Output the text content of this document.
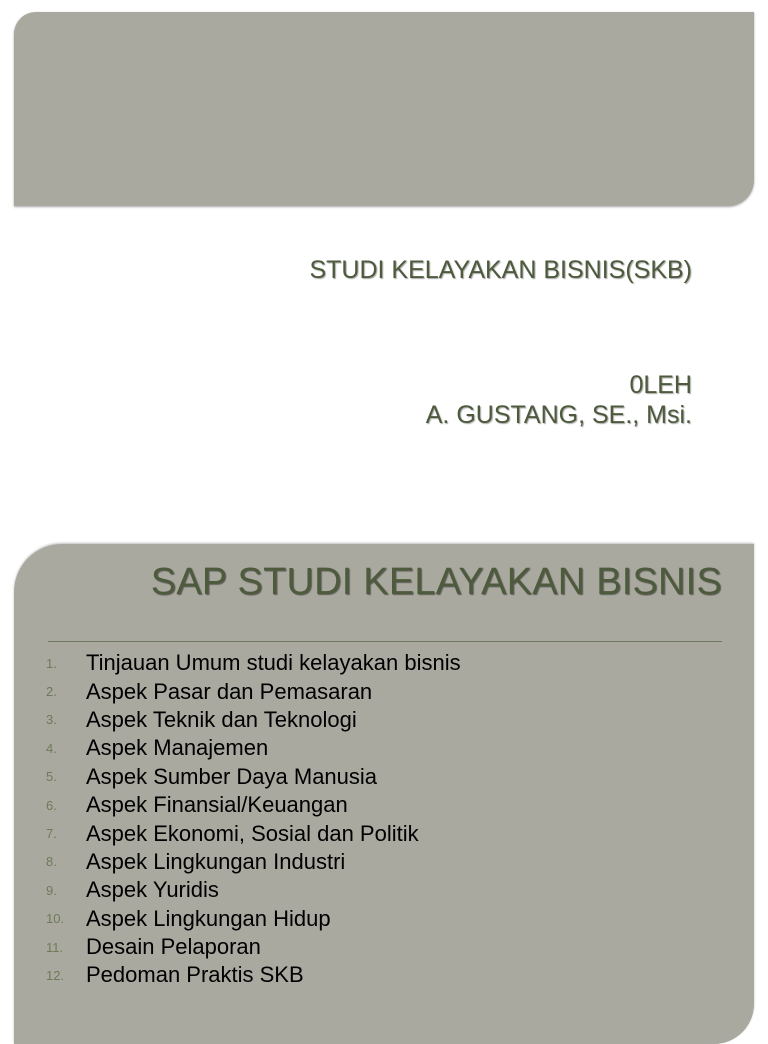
STUDI KELAYAKAN BISNIS(SKB)
0LEH
A. GUSTANG, SE., Msi.
SAP STUDI KELAYAKAN BISNIS
1.	Tinjauan Umum studi kelayakan bisnis
2.	Aspek Pasar dan Pemasaran
3.	Aspek Teknik dan Teknologi
4.	Aspek Manajemen
5.	Aspek Sumber Daya Manusia
6.	Aspek Finansial/Keuangan
7.	Aspek Ekonomi, Sosial dan Politik
8.	Aspek Lingkungan Industri
9.	Aspek Yuridis
10. Aspek Lingkungan Hidup
11.	Desain Pelaporan
12. Pedoman Praktis SKB
